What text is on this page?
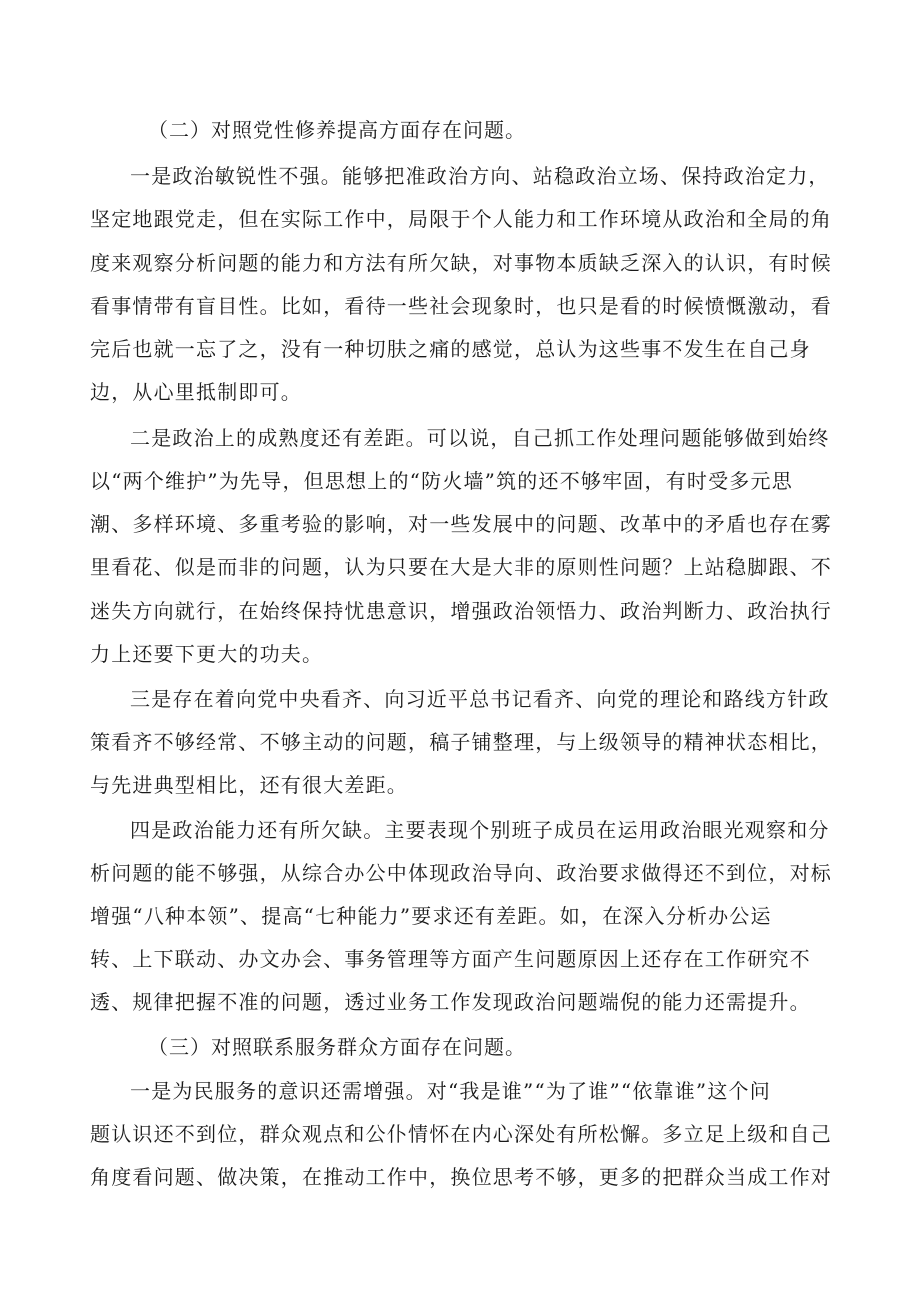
（二）对照党性修养提高方面存在问题。
一是政治敏锐性不强。能够把准政治方向、站稳政治立场、保持政治定力，
坚定地跟党走，但在实际工作中，局限于个人能力和工作环境从政治和全局的角
度来观察分析问题的能力和方法有所欠缺，对事物本质缺乏深入的认识，有时候
看事情带有盲目性。比如，看待一些社会现象时，也只是看的时候愤慨激动，看
完后也就一忘了之，没有一种切肤之痛的感觉，总认为这些事不发生在自己身
边，从心里抵制即可。
二是政治上的成熟度还有差距。可以说，自己抓工作处理问题能够做到始终
以“两个维护”为先导，但思想上的“防火墙”筑的还不够牢固，有时受多元思
潮、多样环境、多重考验的影响，对一些发展中的问题、改革中的矛盾也存在雾
里看花、似是而非的问题，认为只要在大是大非的原则性问题？上站稳脚跟、不
迷失方向就行，在始终保持忧患意识，增强政治领悟力、政治判断力、政治执行
力上还要下更大的功夫。
三是存在着向党中央看齐、向习近平总书记看齐、向党的理论和路线方针政
策看齐不够经常、不够主动的问题，稿子铺整理，与上级领导的精神状态相比，
与先进典型相比，还有很大差距。
四是政治能力还有所欠缺。主要表现个别班子成员在运用政治眼光观察和分
析问题的能不够强，从综合办公中体现政治导向、政治要求做得还不到位，对标
增强“八种本领”、提高“七种能力”要求还有差距。如，在深入分析办公运
转、上下联动、办文办会、事务管理等方面产生问题原因上还存在工作研究不
透、规律把握不准的问题，透过业务工作发现政治问题端倪的能力还需提升。
（三）对照联系服务群众方面存在问题。
一是为民服务的意识还需增强。对“我是谁”“为了谁”“依靠谁”这个问
题认识还不到位，群众观点和公仆情怀在内心深处有所松懈。多立足上级和自己
角度看问题、做决策，在推动工作中，换位思考不够，更多的把群众当成工作对
